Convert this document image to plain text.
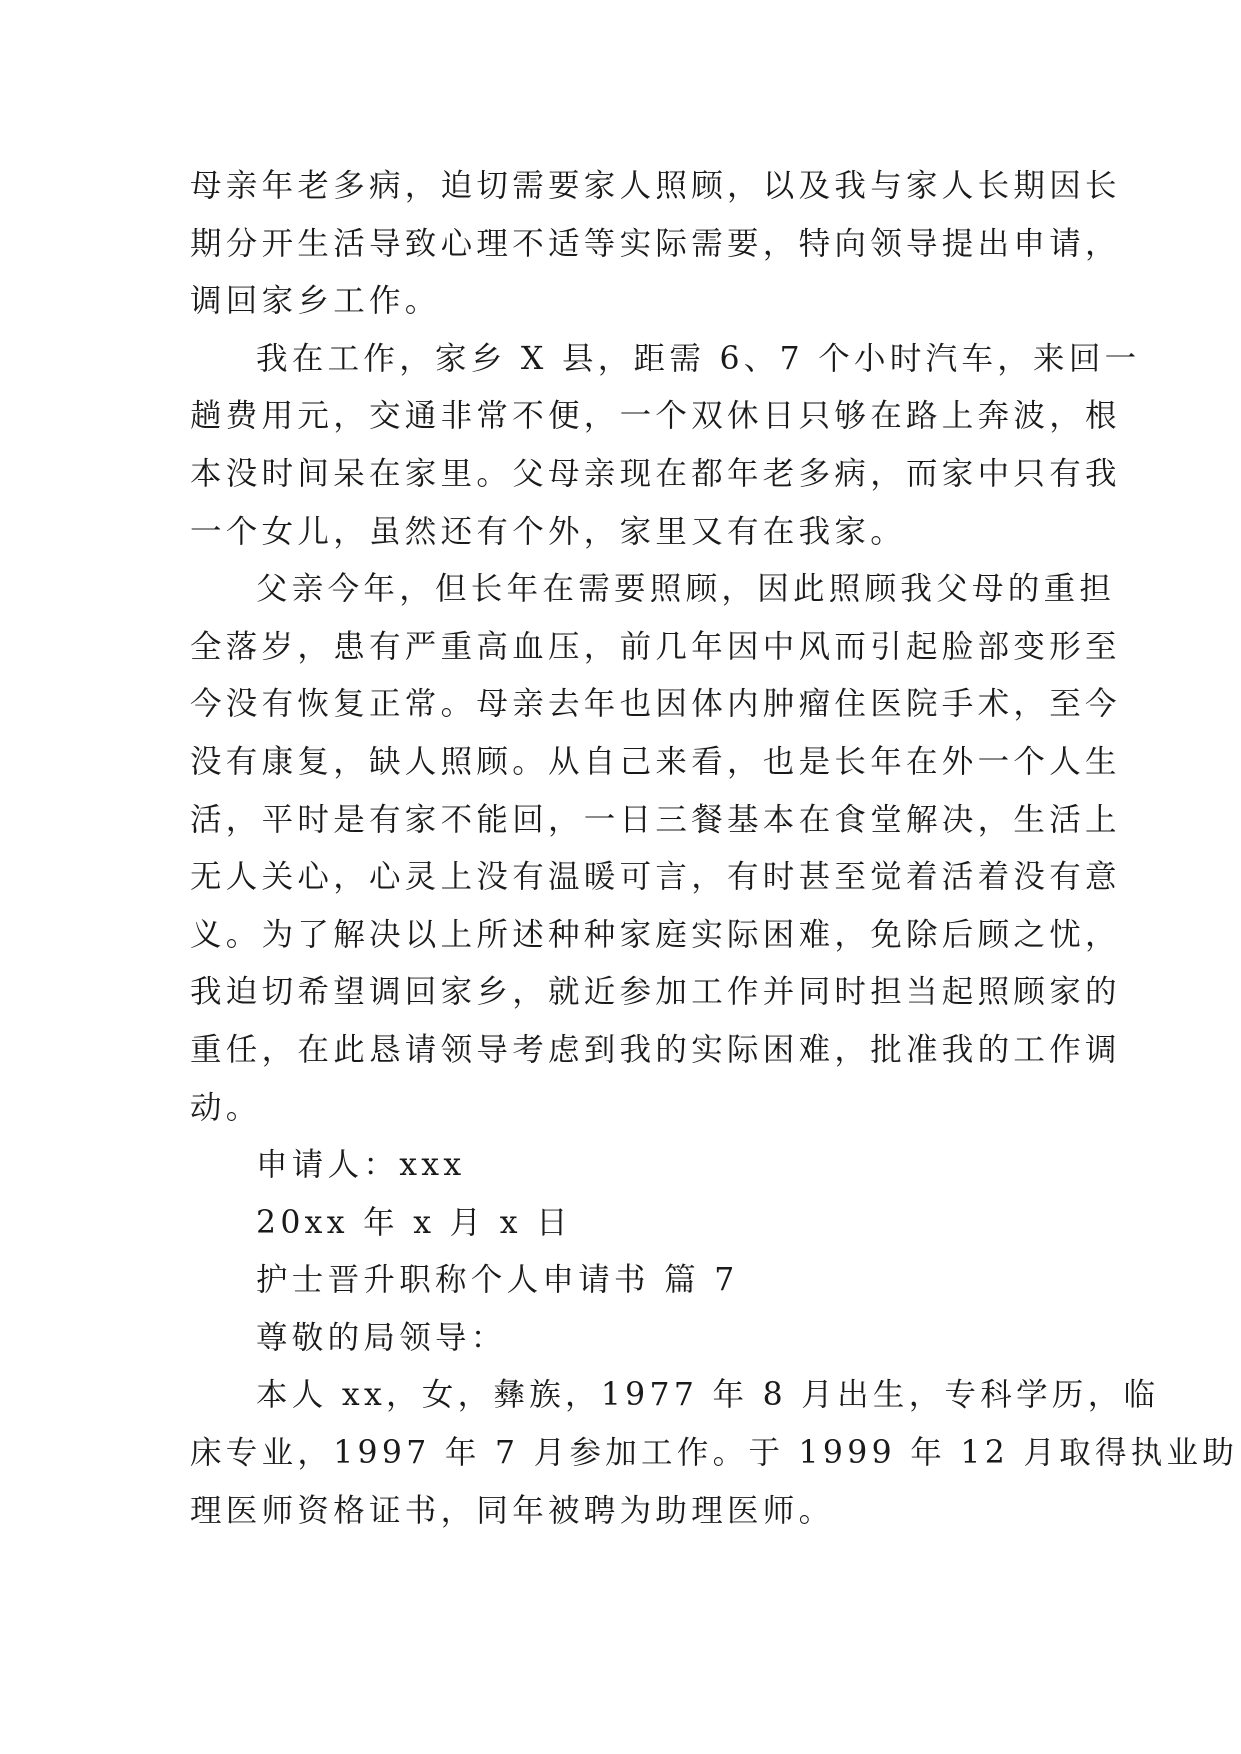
母亲年老多病，迫切需要家人照顾，以及我与家人长期因长
期分开生活导致心理不适等实际需要，特向领导提出申请，
调回家乡工作。
我在工作，家乡 X 县，距需 6、7 个小时汽车，来回一
趟费用元，交通非常不便，一个双休日只够在路上奔波，根
本没时间呆在家里。父母亲现在都年老多病，而家中只有我
一个女儿，虽然还有个外，家里又有在我家。
父亲今年，但长年在需要照顾，因此照顾我父母的重担
全落岁，患有严重高血压，前几年因中风而引起脸部变形至
今没有恢复正常。母亲去年也因体内肿瘤住医院手术，至今
没有康复，缺人照顾。从自己来看，也是长年在外一个人生
活，平时是有家不能回，一日三餐基本在食堂解决，生活上
无人关心，心灵上没有温暖可言，有时甚至觉着活着没有意
义。为了解决以上所述种种家庭实际困难，免除后顾之忧，
我迫切希望调回家乡，就近参加工作并同时担当起照顾家的
重任，在此恳请领导考虑到我的实际困难，批准我的工作调
动。
申请人：xxx
20xx 年 x 月 x 日
护士晋升职称个人申请书 篇 7
尊敬的局领导：
本人 xx，女，彝族，1977 年 8 月出生，专科学历，临
床专业，1997 年 7 月参加工作。于 1999 年 12 月取得执业助
理医师资格证书，同年被聘为助理医师。
